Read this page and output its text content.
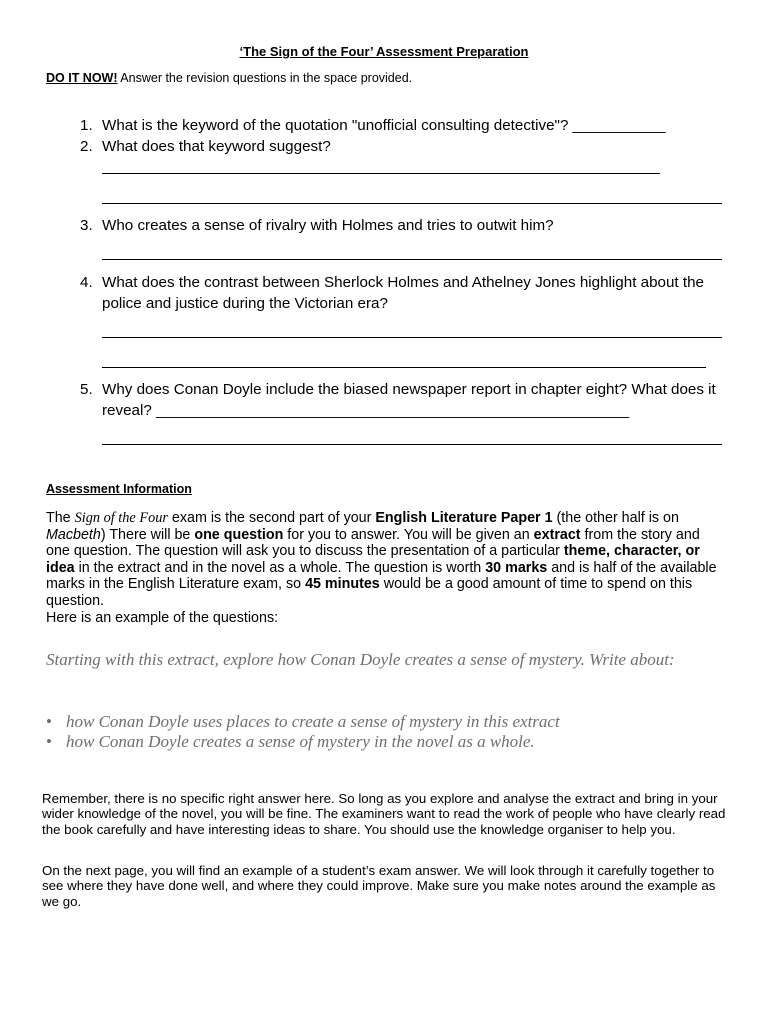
‘The Sign of the Four’ Assessment Preparation
DO IT NOW! Answer the revision questions in the space provided.
1. What is the keyword of the quotation "unofficial consulting detective"? ___________
2. What does that keyword suggest?
3. Who creates a sense of rivalry with Holmes and tries to outwit him?
4. What does the contrast between Sherlock Holmes and Athelney Jones highlight about the police and justice during the Victorian era?
5. Why does Conan Doyle include the biased newspaper report in chapter eight? What does it reveal? ________________________________________________________
Assessment Information
The Sign of the Four exam is the second part of your English Literature Paper 1 (the other half is on Macbeth) There will be one question for you to answer. You will be given an extract from the story and one question. The question will ask you to discuss the presentation of a particular theme, character, or idea in the extract and in the novel as a whole. The question is worth 30 marks and is half of the available marks in the English Literature exam, so 45 minutes would be a good amount of time to spend on this question.
Here is an example of the questions:
Starting with this extract, explore how Conan Doyle creates a sense of mystery. Write about:
• how Conan Doyle uses places to create a sense of mystery in this extract
• how Conan Doyle creates a sense of mystery in the novel as a whole.
Remember, there is no specific right answer here. So long as you explore and analyse the extract and bring in your wider knowledge of the novel, you will be fine. The examiners want to read the work of people who have clearly read the book carefully and have interesting ideas to share. You should use the knowledge organiser to help you.
On the next page, you will find an example of a student’s exam answer. We will look through it carefully together to see where they have done well, and where they could improve. Make sure you make notes around the example as we go.
